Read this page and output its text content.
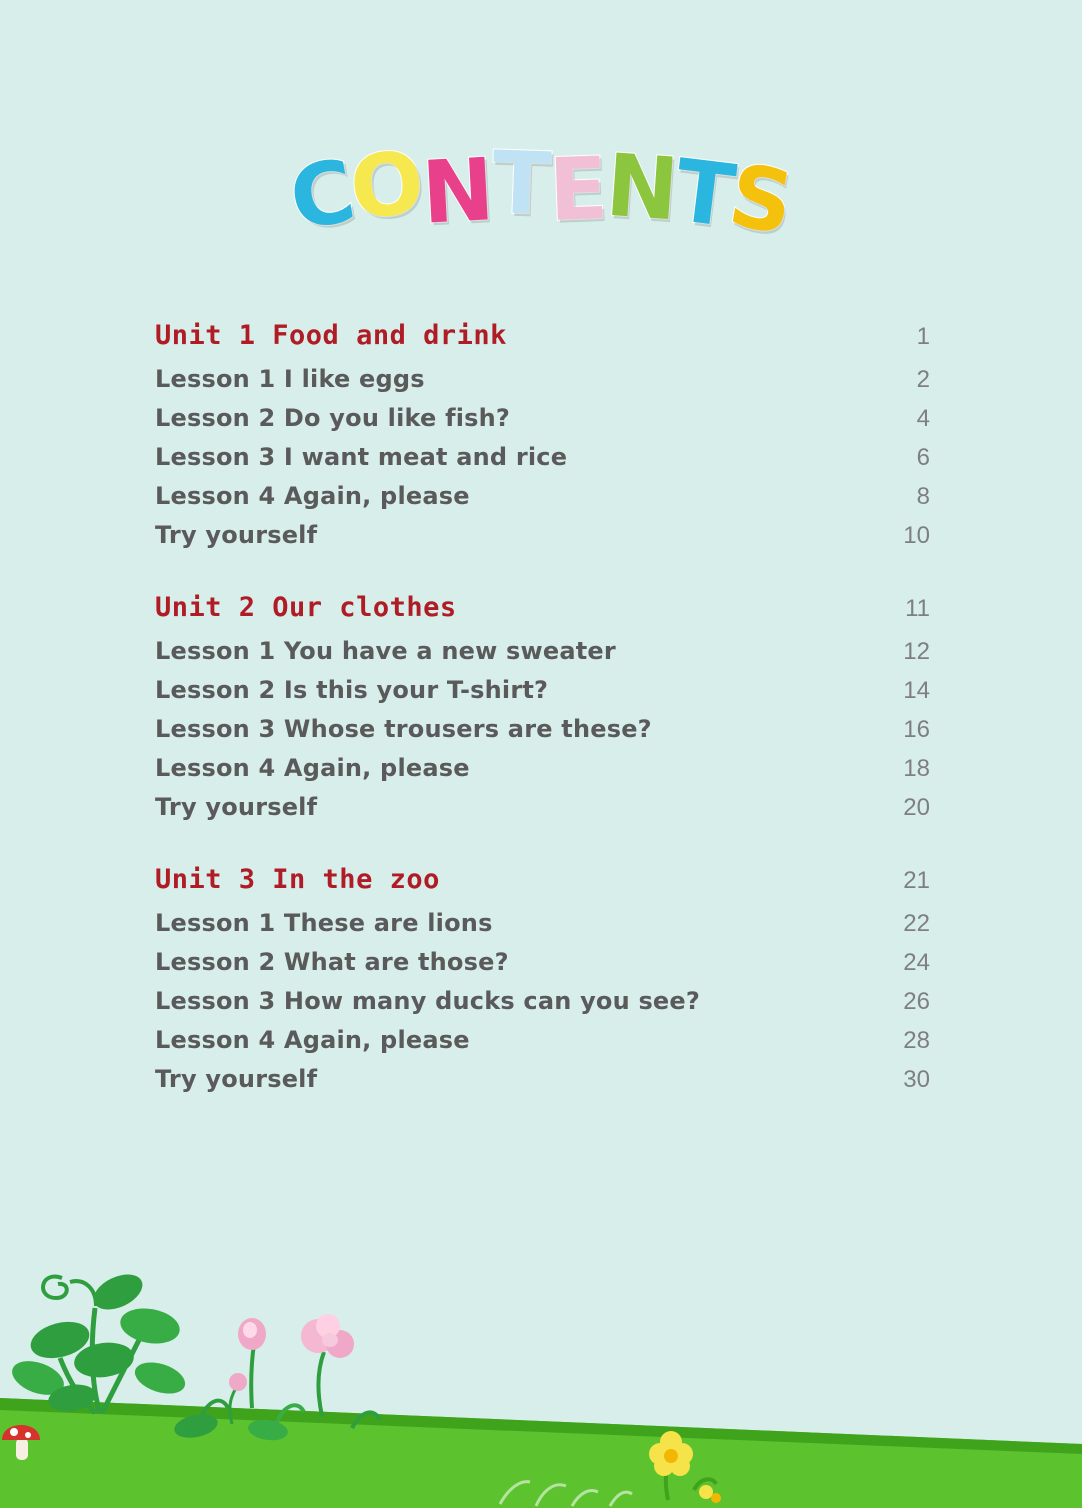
CONTENTS
Unit 1 Food and drink	1
Lesson 1 I like eggs	2
Lesson 2 Do you like fish?	4
Lesson 3 I want meat and rice	6
Lesson 4 Again, please	8
Try yourself	10
Unit 2 Our clothes	11
Lesson 1 You have a new sweater	12
Lesson 2 Is this your T-shirt?	14
Lesson 3 Whose trousers are these?	16
Lesson 4 Again, please	18
Try yourself	20
Unit 3 In the zoo	21
Lesson 1 These are lions	22
Lesson 2 What are those?	24
Lesson 3 How many ducks can you see?	26
Lesson 4 Again, please	28
Try yourself	30
